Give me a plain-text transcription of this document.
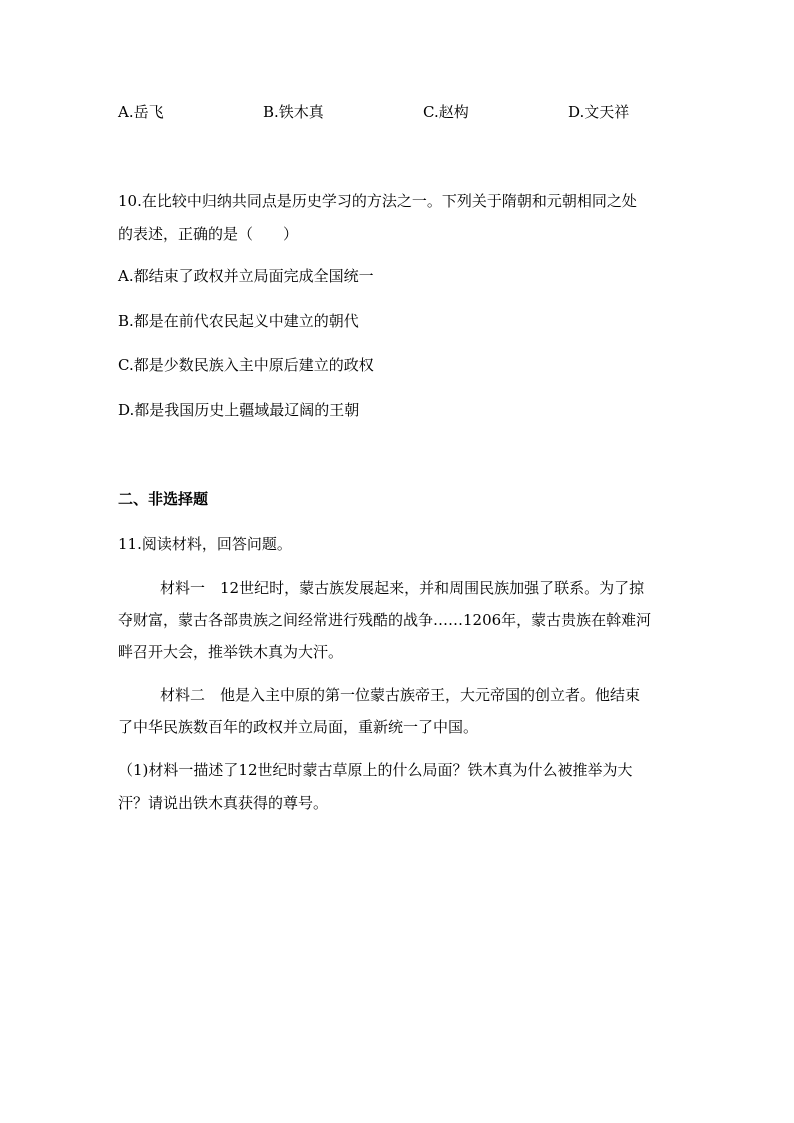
A.岳飞	B.铁木真	C.赵构	D.文天祥
10.在比较中归纳共同点是历史学习的方法之一。下列关于隋朝和元朝相同之处
的表述，正确的是（　　）
A.都结束了政权并立局面完成全国统一
B.都是在前代农民起义中建立的朝代
C.都是少数民族入主中原后建立的政权
D.都是我国历史上疆域最辽阔的王朝
二、非选择题
11.阅读材料，回答问题。
材料一　12世纪时，蒙古族发展起来，并和周围民族加强了联系。为了掠
夺财富，蒙古各部贵族之间经常进行残酷的战争……1206年，蒙古贵族在斡难河
畔召开大会，推举铁木真为大汗。
材料二　他是入主中原的第一位蒙古族帝王，大元帝国的创立者。他结束
了中华民族数百年的政权并立局面，重新统一了中国。
（1)材料一描述了12世纪时蒙古草原上的什么局面？铁木真为什么被推举为大
汗？请说出铁木真获得的尊号。
